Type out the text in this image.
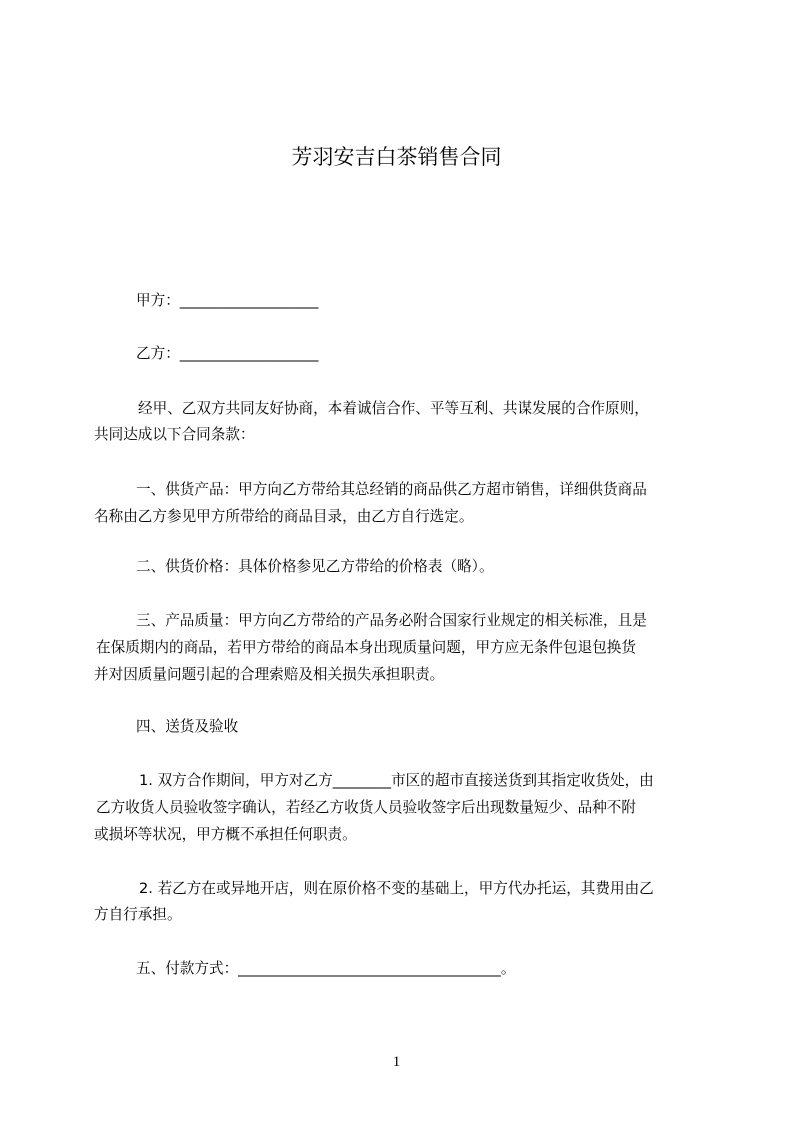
芳羽安吉白茶销售合同
甲方：___________________
乙方：___________________
经甲、乙双方共同友好协商，本着诚信合作、平等互利、共谋发展的合作原则，
共同达成以下合同条款：
一、供货产品：甲方向乙方带给其总经销的商品供乙方超市销售，详细供货商品
名称由乙方参见甲方所带给的商品目录，由乙方自行选定。
二、供货价格：具体价格参见乙方带给的价格表（略）。
三、产品质量：甲方向乙方带给的产品务必附合国家行业规定的相关标准，且是
在保质期内的商品，若甲方带给的商品本身出现质量问题，甲方应无条件包退包换货
并对因质量问题引起的合理索赔及相关损失承担职责。
四、送货及验收
1. 双方合作期间，甲方对乙方________市区的超市直接送货到其指定收货处，由
乙方收货人员验收签字确认，若经乙方收货人员验收签字后出现数量短少、品种不附
或损坏等状况，甲方概不承担任何职责。
2. 若乙方在或异地开店，则在原价格不变的基础上，甲方代办托运，其费用由乙
方自行承担。
五、付款方式：____________________________________。
1
